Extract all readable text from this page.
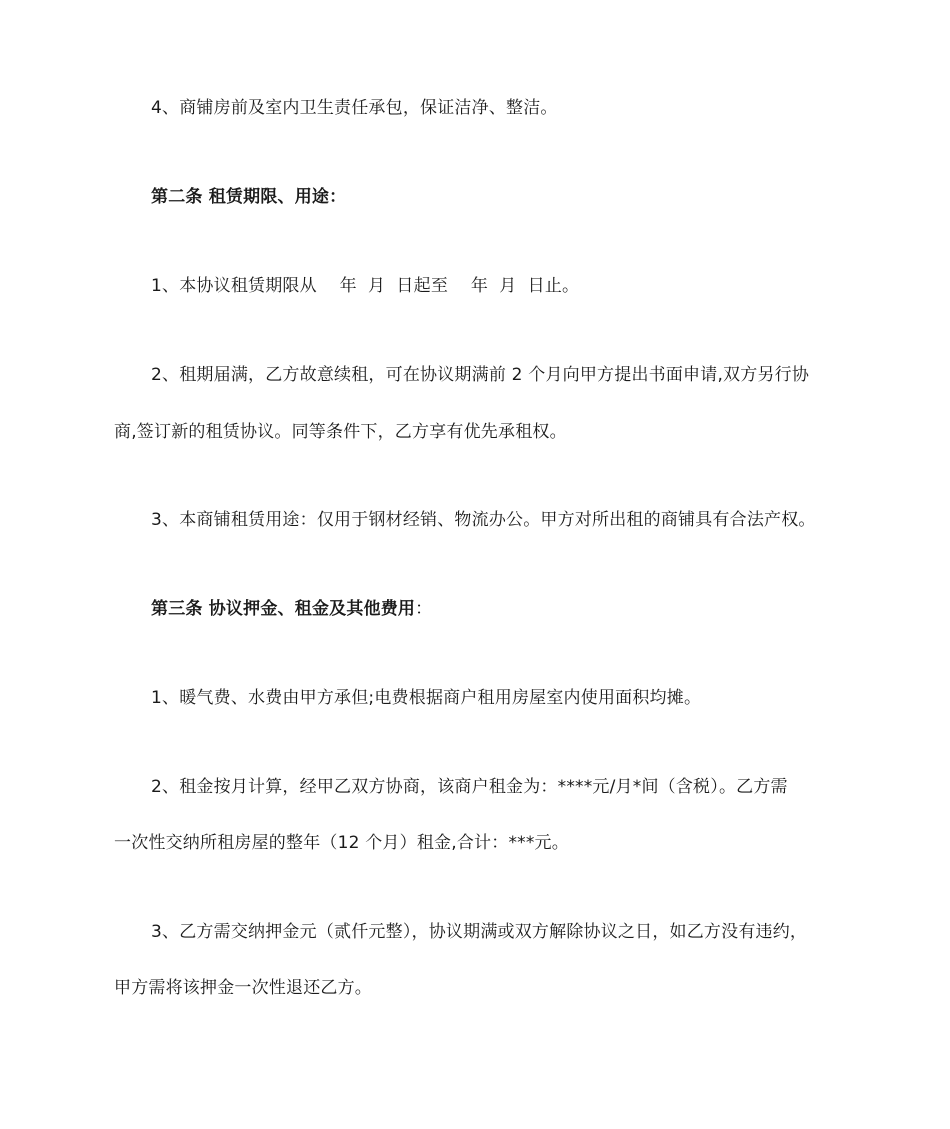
4、商铺房前及室内卫生责任承包，保证洁净、整洁。
第二条 租赁期限、用途：
1、本协议租赁期限从　 年  月  日起至　 年  月  日止。
2、租期届满，乙方故意续租，可在协议期满前 2 个月向甲方提出书面申请,双方另行协
商,签订新的租赁协议。同等条件下，乙方享有优先承租权。
3、本商铺租赁用途：仅用于钢材经销、物流办公。甲方对所出租的商铺具有合法产权。
第三条 协议押金、租金及其他费用：
1、暖气费、水费由甲方承但;电费根据商户租用房屋室内使用面积均摊。
2、租金按月计算，经甲乙双方协商，该商户租金为：****元/月*间（含税）。乙方需
一次性交纳所租房屋的整年（12 个月）租金,合计：***元。
3、乙方需交纳押金元（贰仟元整），协议期满或双方解除协议之日，如乙方没有违约，
甲方需将该押金一次性退还乙方。
